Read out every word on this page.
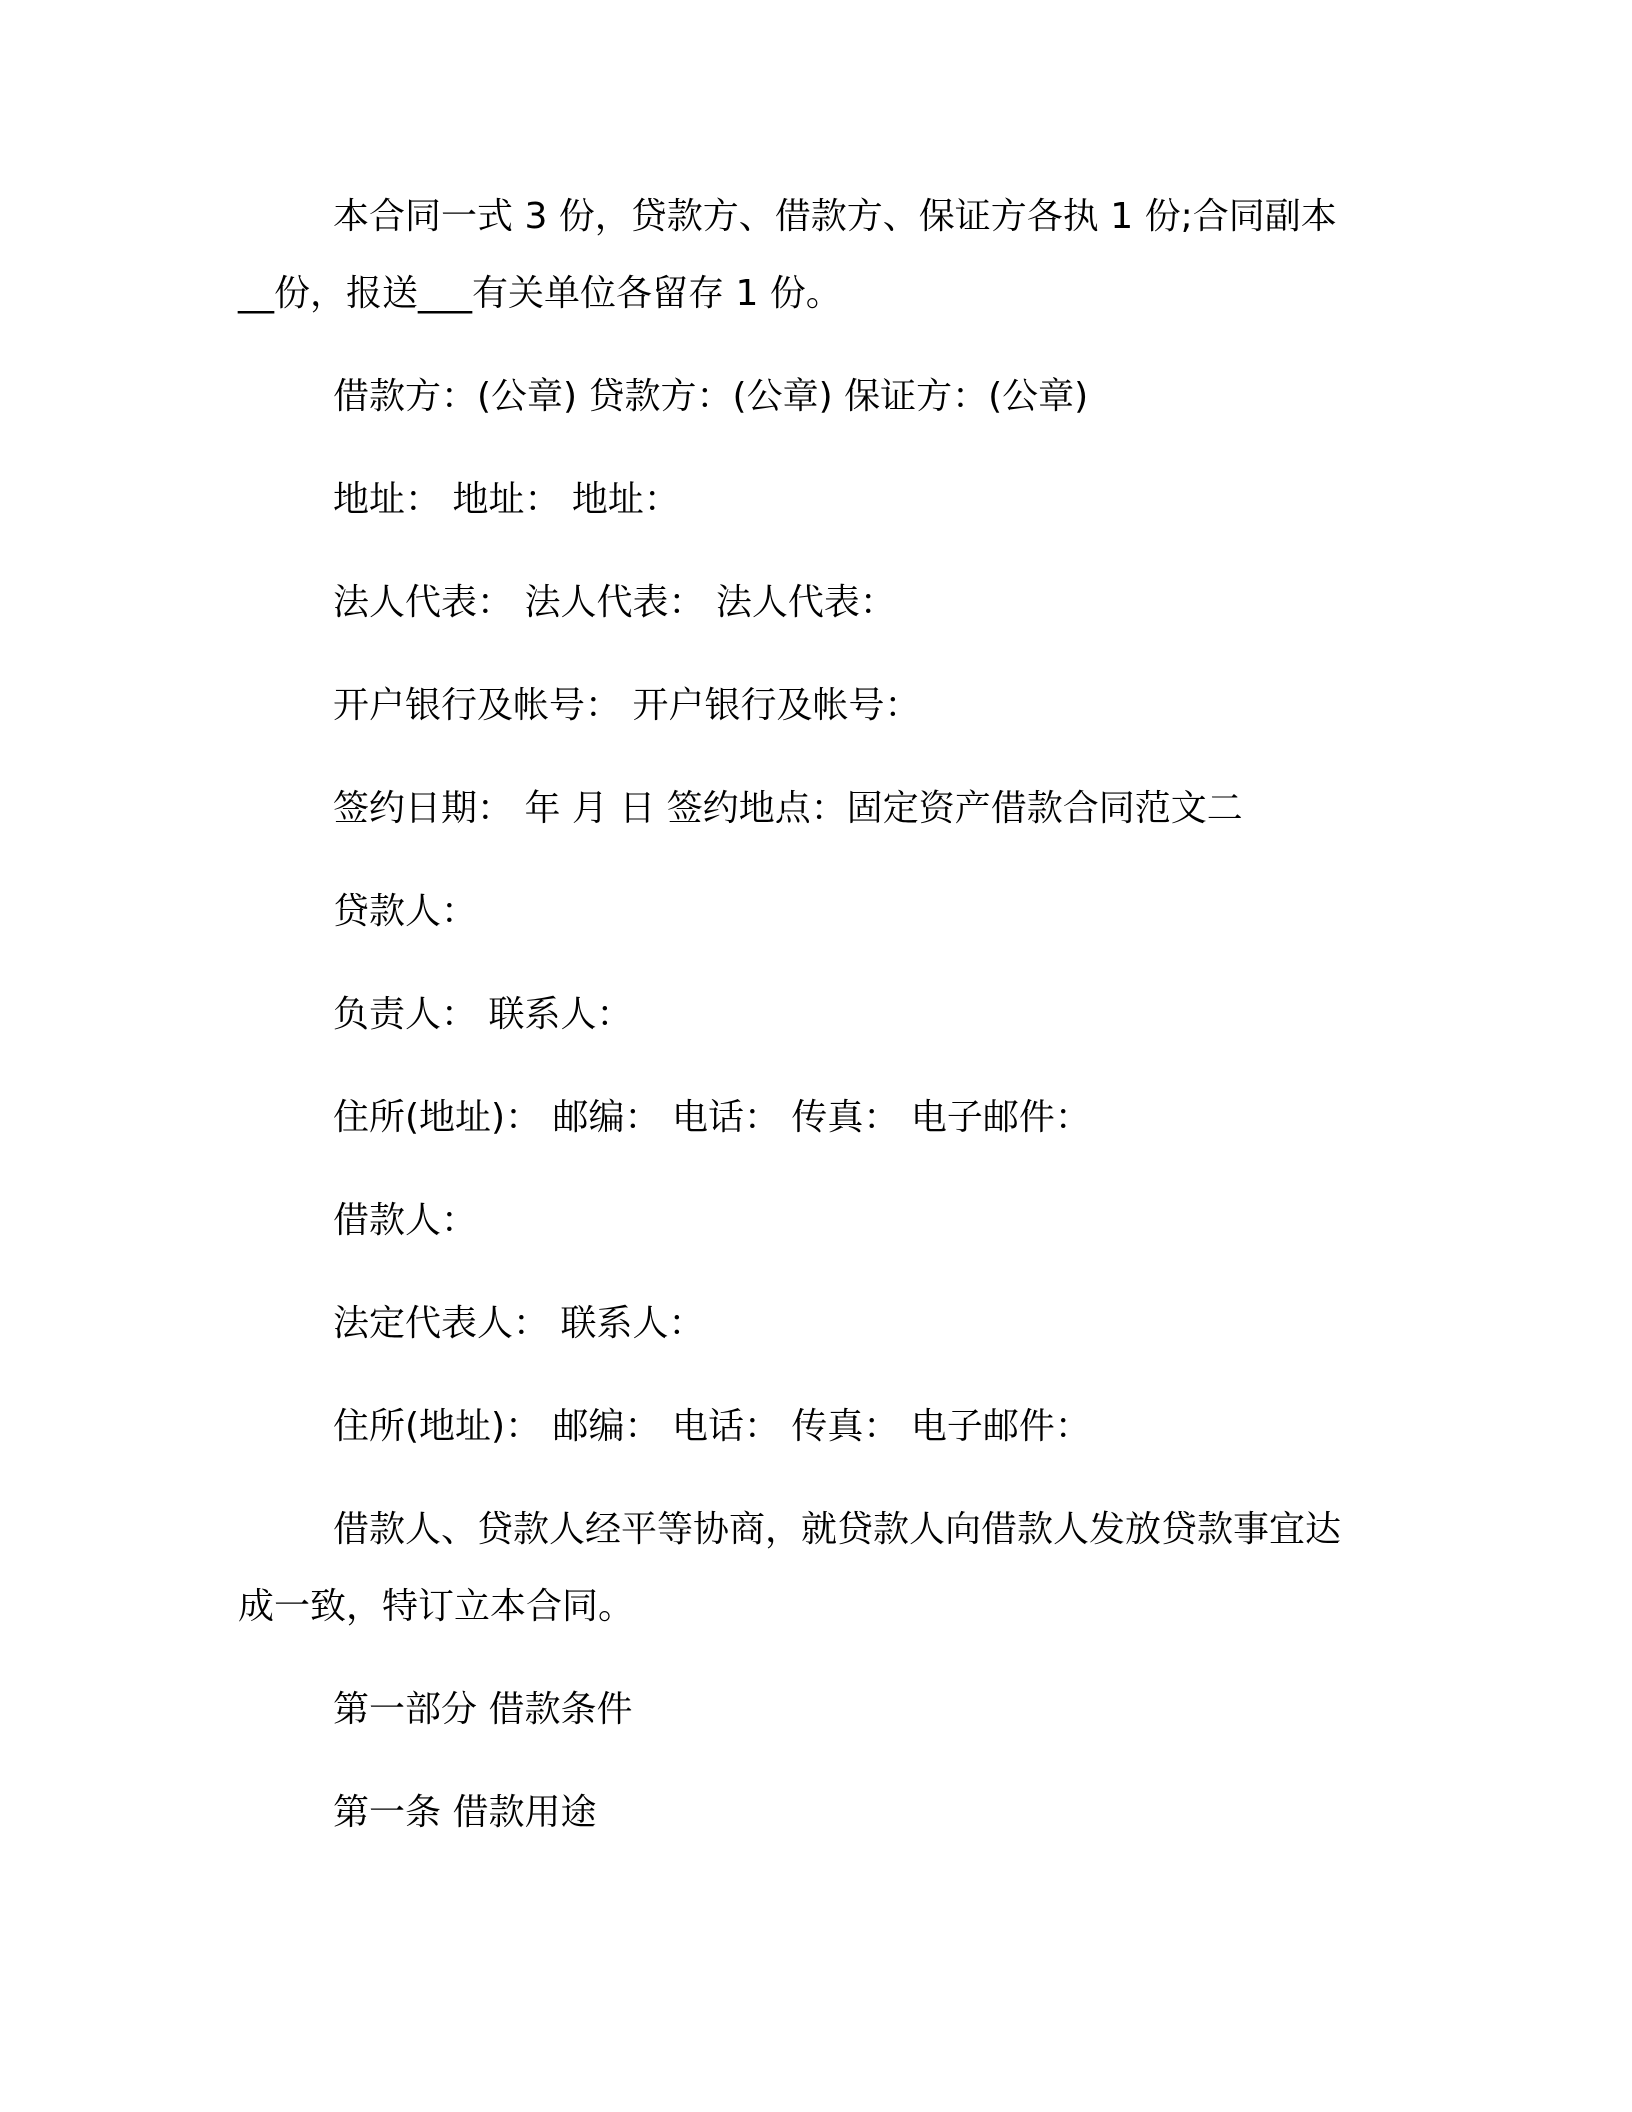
本合同一式 3 份，贷款方、借款方、保证方各执 1 份;合同副本
__份，报送___有关单位各留存 1 份。
借款方：(公章) 贷款方：(公章) 保证方：(公章)
地址： 地址： 地址：
法人代表： 法人代表： 法人代表：
开户银行及帐号： 开户银行及帐号：
签约日期： 年 月 日 签约地点：固定资产借款合同范文二
贷款人：
负责人： 联系人：
住所(地址)： 邮编： 电话： 传真： 电子邮件：
借款人：
法定代表人： 联系人：
住所(地址)： 邮编： 电话： 传真： 电子邮件：
借款人、贷款人经平等协商，就贷款人向借款人发放贷款事宜达
成一致，特订立本合同。
第一部分 借款条件
第一条 借款用途
